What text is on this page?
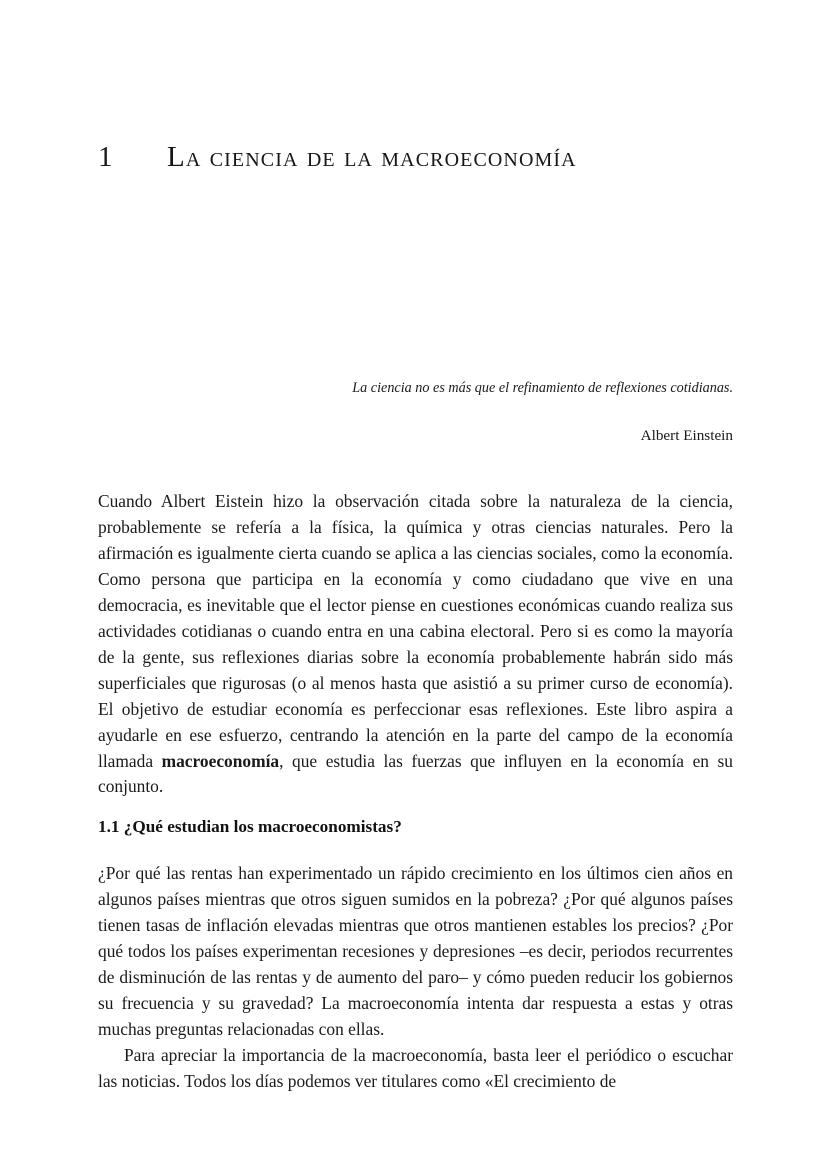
1 La ciencia de la macroeconomía
La ciencia no es más que el refinamiento de reflexiones cotidianas.
Albert Einstein

Cuando Albert Eistein hizo la observación citada sobre la naturaleza de la ciencia, probablemente se refería a la física, la química y otras ciencias naturales. Pero la afirmación es igualmente cierta cuando se aplica a las ciencias sociales, como la economía. Como persona que participa en la economía y como ciudadano que vive en una democracia, es inevitable que el lector piense en cuestiones económicas cuando realiza sus actividades cotidianas o cuando entra en una cabina electoral. Pero si es como la mayoría de la gente, sus reflexiones diarias sobre la economía probablemente habrán sido más superficiales que rigurosas (o al menos hasta que asistió a su primer curso de economía). El objetivo de estudiar economía es perfeccionar esas reflexiones. Este libro aspira a ayudarle en ese esfuerzo, centrando la atención en la parte del campo de la economía llamada macroeconomía, que estudia las fuerzas que influyen en la economía en su conjunto.

1.1 ¿Qué estudian los macroeconomistas?

¿Por qué las rentas han experimentado un rápido crecimiento en los últimos cien años en algunos países mientras que otros siguen sumidos en la pobreza? ¿Por qué algunos países tienen tasas de inflación elevadas mientras que otros mantienen estables los precios? ¿Por qué todos los países experimentan recesiones y depresiones –es decir, periodos recurrentes de disminución de las rentas y de aumento del paro– y cómo pueden reducir los gobiernos su frecuencia y su gravedad? La macroeconomía intenta dar respuesta a estas y otras muchas preguntas relacionadas con ellas.

Para apreciar la importancia de la macroeconomía, basta leer el periódico o escuchar las noticias. Todos los días podemos ver titulares como «El crecimiento de
